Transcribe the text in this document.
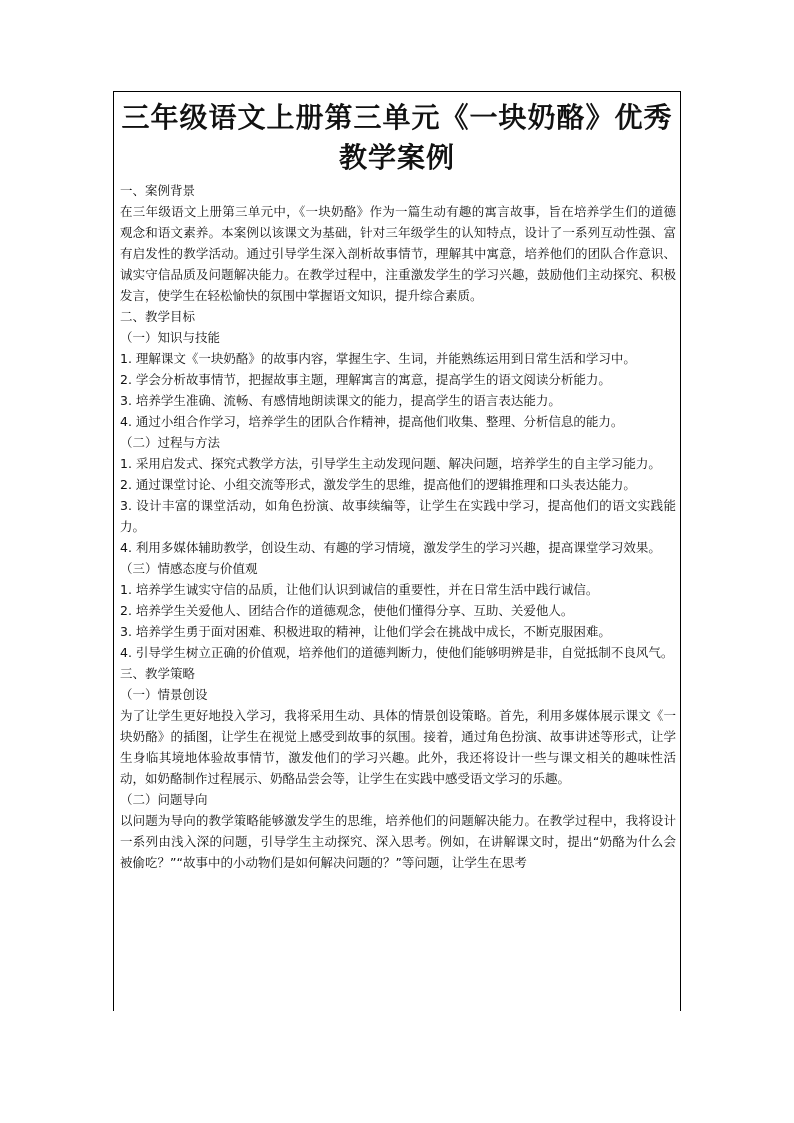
三年级语文上册第三单元《一块奶酪》优秀教学案例

一、案例背景

在三年级语文上册第三单元中，《一块奶酪》作为一篇生动有趣的寓言故事，旨在培养学生们的道德观念和语文素养。本案例以该课文为基础，针对三年级学生的认知特点，设计了一系列互动性强、富有启发性的教学活动。通过引导学生深入剖析故事情节，理解其中寓意，培养他们的团队合作意识、诚实守信品质及问题解决能力。在教学过程中，注重激发学生的学习兴趣，鼓励他们主动探究、积极发言，使学生在轻松愉快的氛围中掌握语文知识，提升综合素质。

二、教学目标

（一）知识与技能

1. 理解课文《一块奶酪》的故事内容，掌握生字、生词，并能熟练运用到日常生活和学习中。

2. 学会分析故事情节，把握故事主题，理解寓言的寓意，提高学生的语文阅读分析能力。

3. 培养学生准确、流畅、有感情地朗读课文的能力，提高学生的语言表达能力。

4. 通过小组合作学习，培养学生的团队合作精神，提高他们收集、整理、分析信息的能力。

（二）过程与方法

1. 采用启发式、探究式教学方法，引导学生主动发现问题、解决问题，培养学生的自主学习能力。

2. 通过课堂讨论、小组交流等形式，激发学生的思维，提高他们的逻辑推理和口头表达能力。

3. 设计丰富的课堂活动，如角色扮演、故事续编等，让学生在实践中学习，提高他们的语文实践能力。

4. 利用多媒体辅助教学，创设生动、有趣的学习情境，激发学生的学习兴趣，提高课堂学习效果。

（三）情感态度与价值观

1. 培养学生诚实守信的品质，让他们认识到诚信的重要性，并在日常生活中践行诚信。

2. 培养学生关爱他人、团结合作的道德观念，使他们懂得分享、互助、关爱他人。

3. 培养学生勇于面对困难、积极进取的精神，让他们学会在挑战中成长，不断克服困难。

4. 引导学生树立正确的价值观，培养他们的道德判断力，使他们能够明辨是非，自觉抵制不良风气。

三、教学策略

（一）情景创设

为了让学生更好地投入学习，我将采用生动、具体的情景创设策略。首先，利用多媒体展示课文《一块奶酪》的插图，让学生在视觉上感受到故事的氛围。接着，通过角色扮演、故事讲述等形式，让学生身临其境地体验故事情节，激发他们的学习兴趣。此外，我还将设计一些与课文相关的趣味性活动，如奶酪制作过程展示、奶酪品尝会等，让学生在实践中感受语文学习的乐趣。

（二）问题导向

以问题为导向的教学策略能够激发学生的思维，培养他们的问题解决能力。在教学过程中，我将设计一系列由浅入深的问题，引导学生主动探究、深入思考。例如，在讲解课文时，提出“奶酪为什么会被偷吃？”“故事中的小动物们是如何解决问题的？”等问题，让学生在思考
